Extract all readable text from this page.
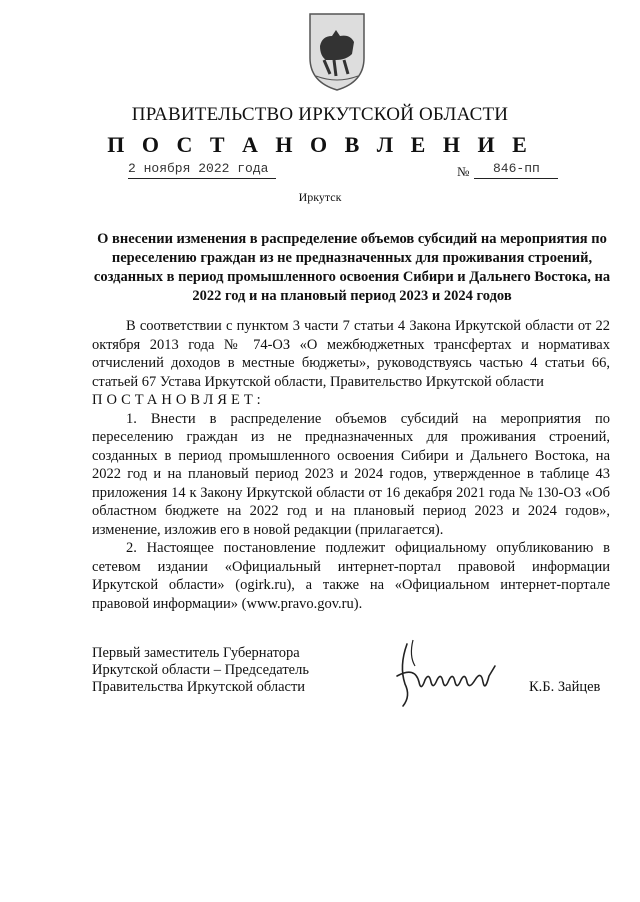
ПРАВИТЕЛЬСТВО ИРКУТСКОЙ ОБЛАСТИ
П О С Т А Н О В Л Е Н И Е
2 ноября 2022 года	№ 846-пп
Иркутск
О внесении изменения в распределение объемов субсидий на мероприятия по переселению граждан из не предназначенных для проживания строений, созданных в период промышленного освоения Сибири и Дальнего Востока, на 2022 год и на плановый период 2023 и 2024 годов

В соответствии с пунктом 3 части 7 статьи 4 Закона Иркутской области от 22 октября 2013 года № 74-ОЗ «О межбюджетных трансфертах и нормативах отчислений доходов в местные бюджеты», руководствуясь частью 4 статьи 66, статьей 67 Устава Иркутской области, Правительство Иркутской области

ПОСТАНОВЛЯЕТ:

1. Внести в распределение объемов субсидий на мероприятия по переселению граждан из не предназначенных для проживания строений, созданных в период промышленного освоения Сибири и Дальнего Востока, на 2022 год и на плановый период 2023 и 2024 годов, утвержденное в таблице 43 приложения 14 к Закону Иркутской области от 16 декабря 2021 года № 130-ОЗ «Об областном бюджете на 2022 год и на плановый период 2023 и 2024 годов», изменение, изложив его в новой редакции (прилагается).

2. Настоящее постановление подлежит официальному опубликованию в сетевом издании «Официальный интернет-портал правовой информации Иркутской области» (ogirk.ru), а также на «Официальном интернет-портале правовой информации» (www.pravo.gov.ru).

Первый заместитель Губернатора
Иркутской области – Председатель
Правительства Иркутской области	К.Б. Зайцев
